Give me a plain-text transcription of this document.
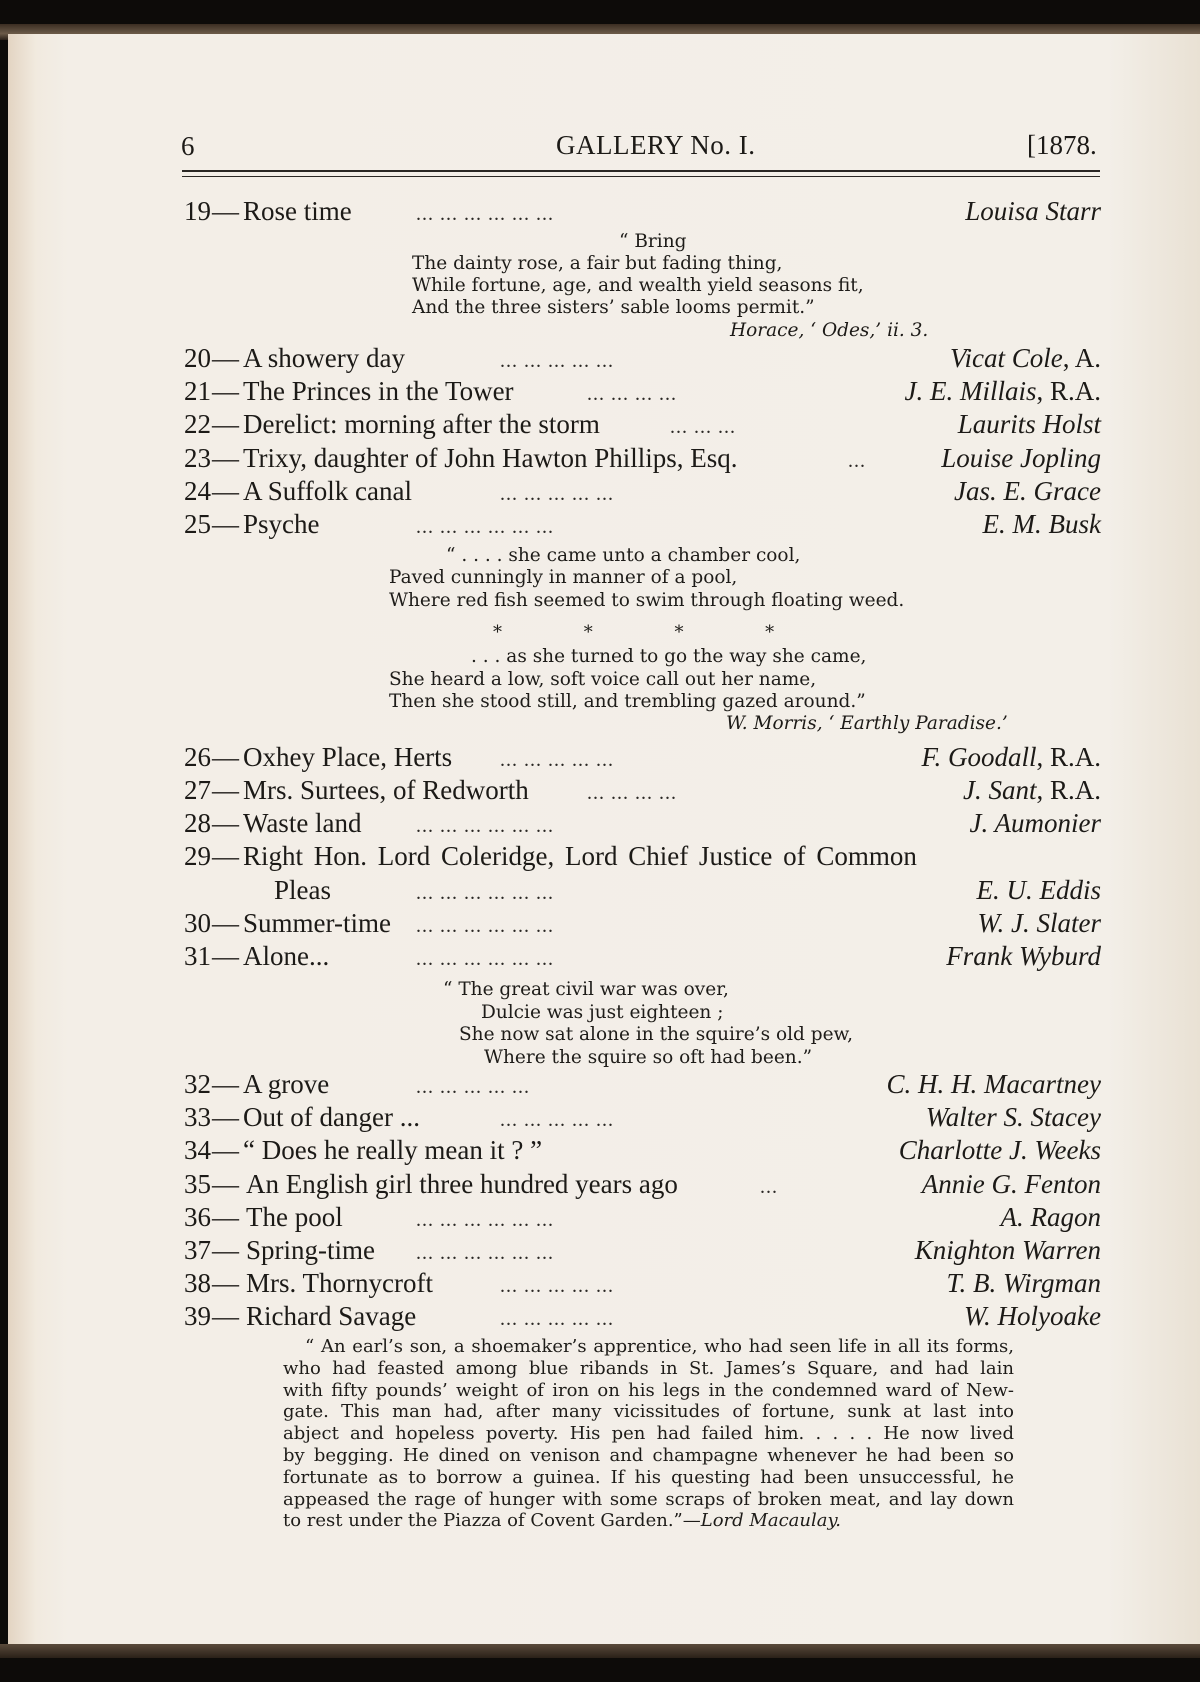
6	GALLERY No. I.	[1878.
19 — Rose time	... ... ... ... ... ...	Louisa Starr
“ Bring
The dainty rose, a fair but fading thing,
While fortune, age, and wealth yield seasons fit,
And the three sisters’ sable looms permit.”
Horace, ‘ Odes,’ ii. 3.
20 — A showery day	... ... ... ... ...	Vicat Cole, A.
21 — The Princes in the Tower	... ... ... ...	J. E. Millais, R.A.
22 — Derelict: morning after the storm	... ... ...	Laurits Holst
23 — Trixy, daughter of John Hawton Phillips, Esq.	...	Louise Jopling
24 — A Suffolk canal	... ... ... ... ...	Jas. E. Grace
25 — Psyche	... ... ... ... ... ...	E. M. Busk
“ . . . . she came unto a chamber cool,
Paved cunningly in manner of a pool,
Where red fish seemed to swim through floating weed.
* * * *
. . . as she turned to go the way she came,
She heard a low, soft voice call out her name,
Then she stood still, and trembling gazed around.”
W. Morris, ‘ Earthly Paradise.’
26 — Oxhey Place, Herts ... ... ... ... ...	F. Goodall, R.A.
27 — Mrs. Surtees, of Redworth	... ... ... ...	J. Sant, R.A.
28 — Waste land	... ... ... ... ... ...	J. Aumonier
29 — Right Hon. Lord Coleridge, Lord Chief Justice of Common
Pleas	... ... ... ... ... ...	E. U. Eddis
30 — Summer-time ... ... ... ... ... ...	W. J. Slater
31 — Alone...	... ... ... ... ... ...	Frank Wyburd
“ The great civil war was over,
Dulcie was just eighteen ;
She now sat alone in the squire’s old pew,
Where the squire so oft had been.”
32 — A grove	... ... ... ... ...	C. H. H. Macartney
33 — Out of danger ...	... ... ... ... ...	Walter S. Stacey
34 — “ Does he really mean it ? ”	Charlotte J. Weeks
35 — An English girl three hundred years ago	...	Annie G. Fenton
36 — The pool	... ... ... ... ... ...	A. Ragon
37 — Spring-time ... ... ... ... ... ...	Knighton Warren
38 — Mrs. Thornycroft	... ... ... ... ...	T. B. Wirgman
39 — Richard Savage	... ... ... ... ...	W. Holyoake
“ An earl’s son, a shoemaker’s apprentice, who had seen life in all its forms,
who had feasted among blue ribands in St. James’s Square, and had lain
with fifty pounds’ weight of iron on his legs in the condemned ward of New-
gate. This man had, after many vicissitudes of fortune, sunk at last into
abject and hopeless poverty. His pen had failed him. . . . . He now lived
by begging. He dined on venison and champagne whenever he had been so
fortunate as to borrow a guinea. If his questing had been unsuccessful, he
appeased the rage of hunger with some scraps of broken meat, and lay down
to rest under the Piazza of Covent Garden.”—Lord Macaulay.
